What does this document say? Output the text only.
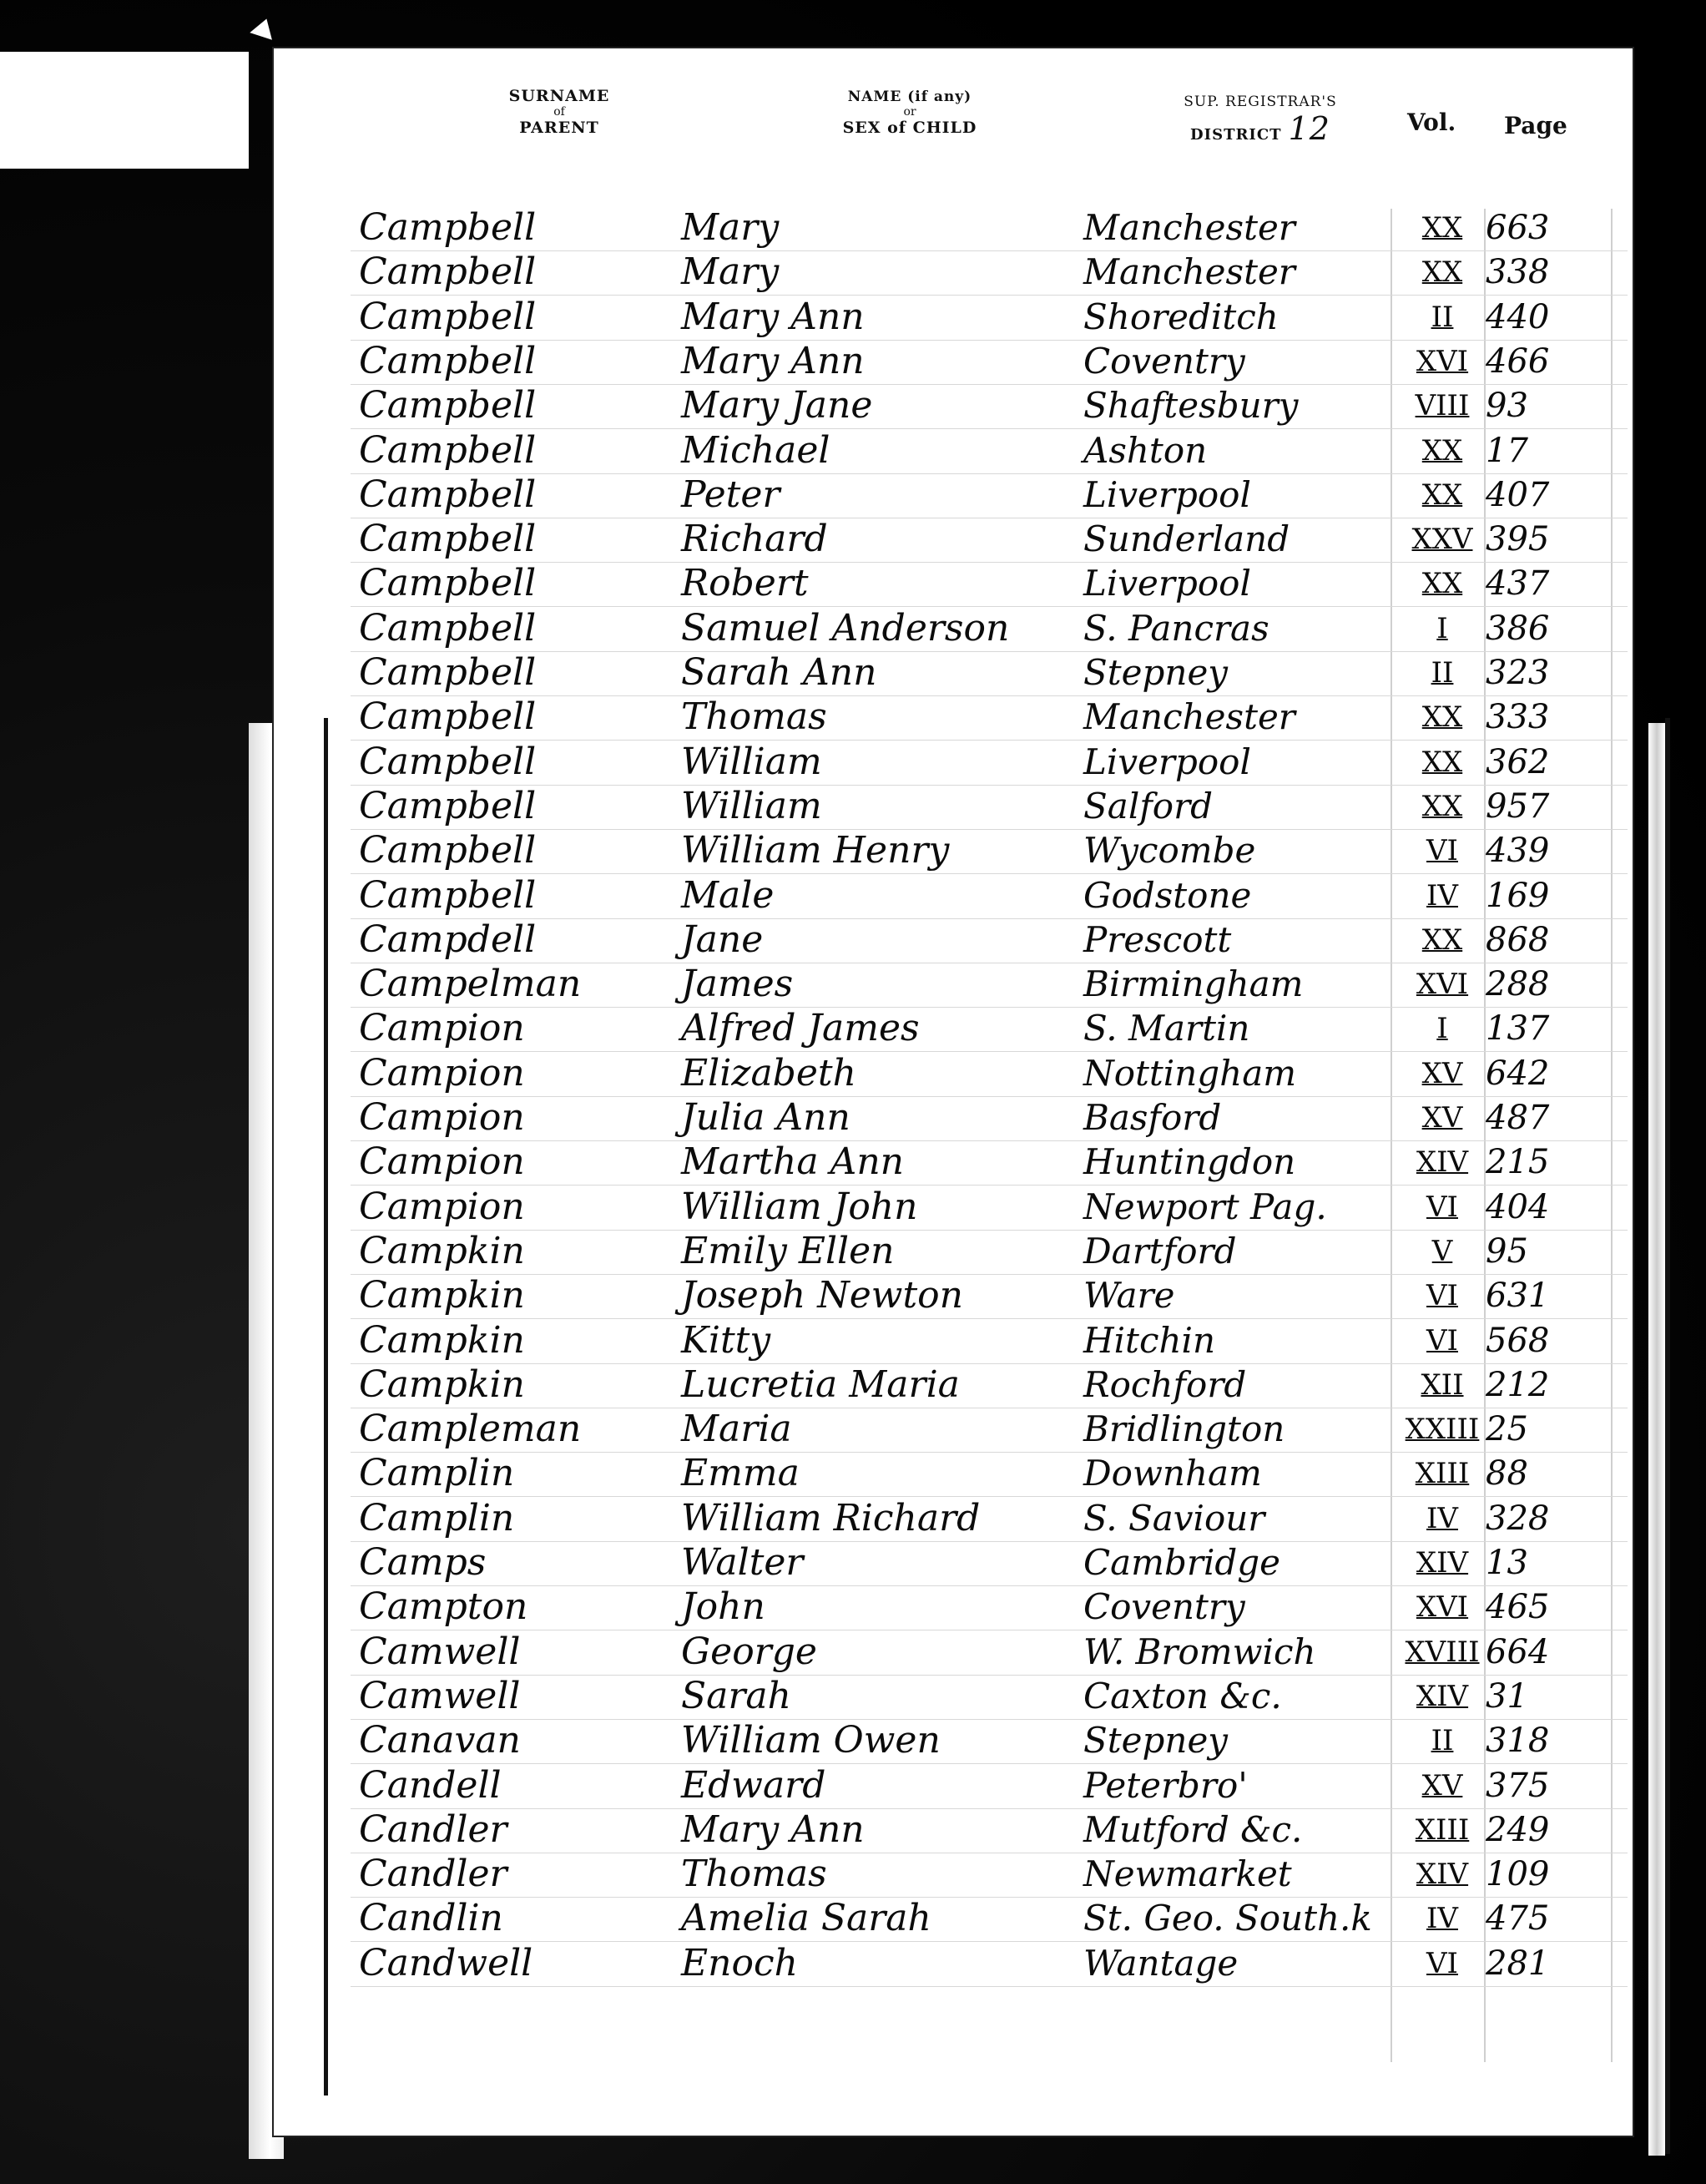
SURNAME
of
PARENT
NAME (if any)
or
SEX of CHILD
SUP. REGISTRAR'S
DISTRICT 12	Vol. Page
Campbell	Mary	Manchester	XX 663
Campbell	Mary	Manchester	XX 338
Campbell	Mary Ann	Shoreditch	II 440
Campbell	Mary Ann	Coventry	XVI 466
Campbell	Mary Jane	Shaftesbury	VIII 93
Campbell	Michael	Ashton	XX 17
Campbell	Peter	Liverpool	XX 407
Campbell	Richard	Sunderland	XXV 395
Campbell	Robert	Liverpool	XX 437
Campbell	Samuel Anderson	S. Pancras	I	386
Campbell	Sarah Ann	Stepney	II 323
Campbell	Thomas	Manchester	XX 333
Campbell	William	Liverpool	XX 362
Campbell	William	Salford	XX 957
Campbell	William Henry	Wycombe	VI 439
Campbell	Male	Godstone	IV 169
Campdell	Jane	Prescott	XX 868
Campelman	James	Birmingham	XVI 288
Campion	Alfred James	S. Martin	I	137
Campion	Elizabeth	Nottingham	XV 642
Campion	Julia Ann	Basford	XV 487
Campion	Martha Ann	Huntingdon	XIV 215
Campion	William John	Newport Pag.	VI 404
Campkin	Emily Ellen	Dartford	V 95
Campkin	Joseph Newton	Ware	VI 631
Campkin	Kitty	Hitchin	VI 568
Campkin	Lucretia Maria	Rochford	XII 212
Campleman	Maria	Bridlington	XXIII 25
Camplin	Emma	Downham	XIII 88
Camplin	William Richard	S. Saviour	IV 328
Camps	Walter	Cambridge	XIV 13
Campton	John	Coventry	XVI 465
Camwell	George	W. Bromwich	XVIII 664
Camwell	Sarah	Caxton &c.	XIV 31
Canavan	William Owen	Stepney	II 318
Candell	Edward	Peterbro'	XV 375
Candler	Mary Ann	Mutford &c.	XIII 249
Candler	Thomas	Newmarket	XIV 109
Candlin	Amelia Sarah	St. Geo. South.k	IV 475
Candwell	Enoch	Wantage	VI 281
